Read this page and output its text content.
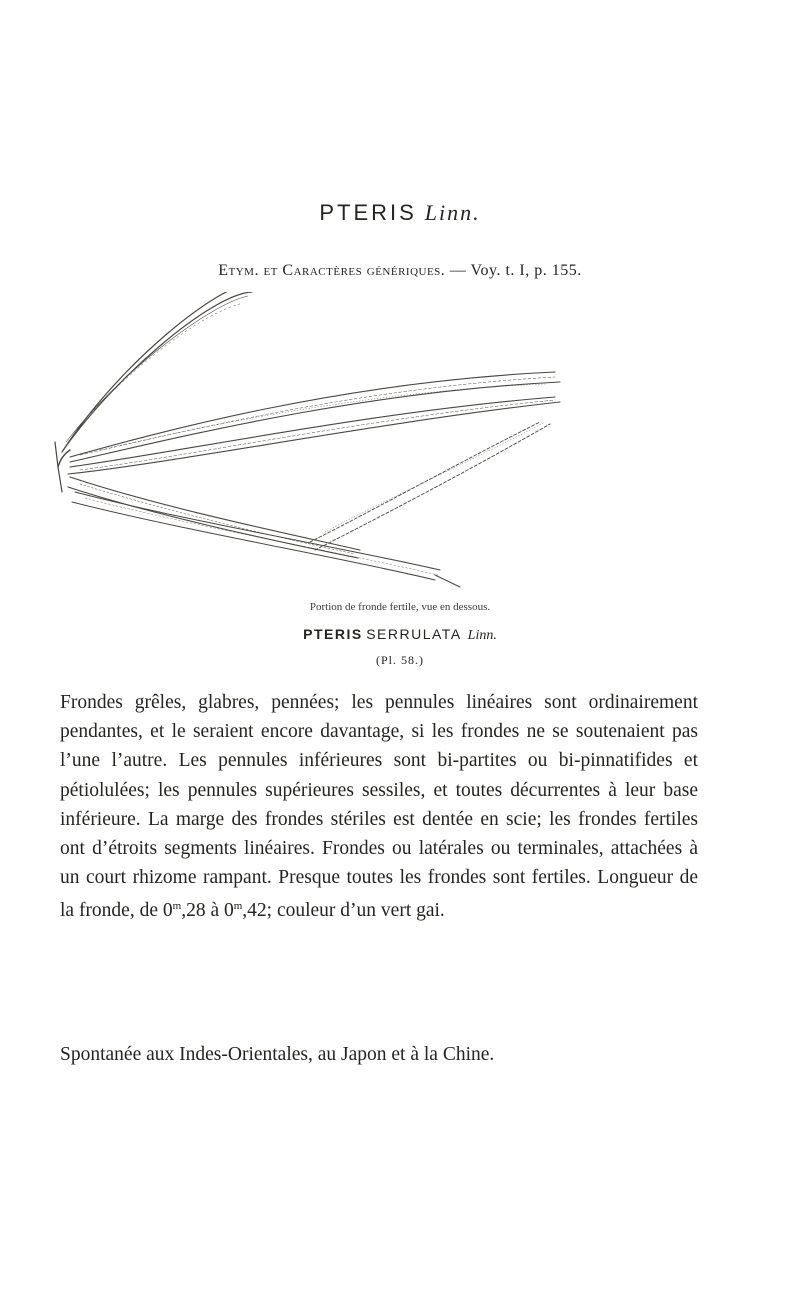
PTERIS Linn.
Etym. et Caractères génériques. — Voy. t. I, p. 155.
Portion de fronde fertile, vue en dessous.
PTERIS SERRULATA Linn.
(Pl. 58.)

Frondes grêles, glabres, pennées; les pennules linéaires sont ordinairement pendantes, et le seraient encore davantage, si les frondes ne se soutenaient pas l’une l’autre. Les pennules inférieures sont bi-partites ou bi-pinnatifides et pétiolulées; les pennules supérieures sessiles, et toutes décurrentes à leur base inférieure. La marge des frondes stériles est dentée en scie; les frondes fertiles ont d’étroits segments linéaires. Frondes ou latérales ou terminales, attachées à un court rhizome rampant. Presque toutes les frondes sont fertiles. Longueur de la fronde, de 0$^m$,28 à 0$^m$,42; couleur d’un vert gai.

Spontanée aux Indes-Orientales, au Japon et à la Chine.
